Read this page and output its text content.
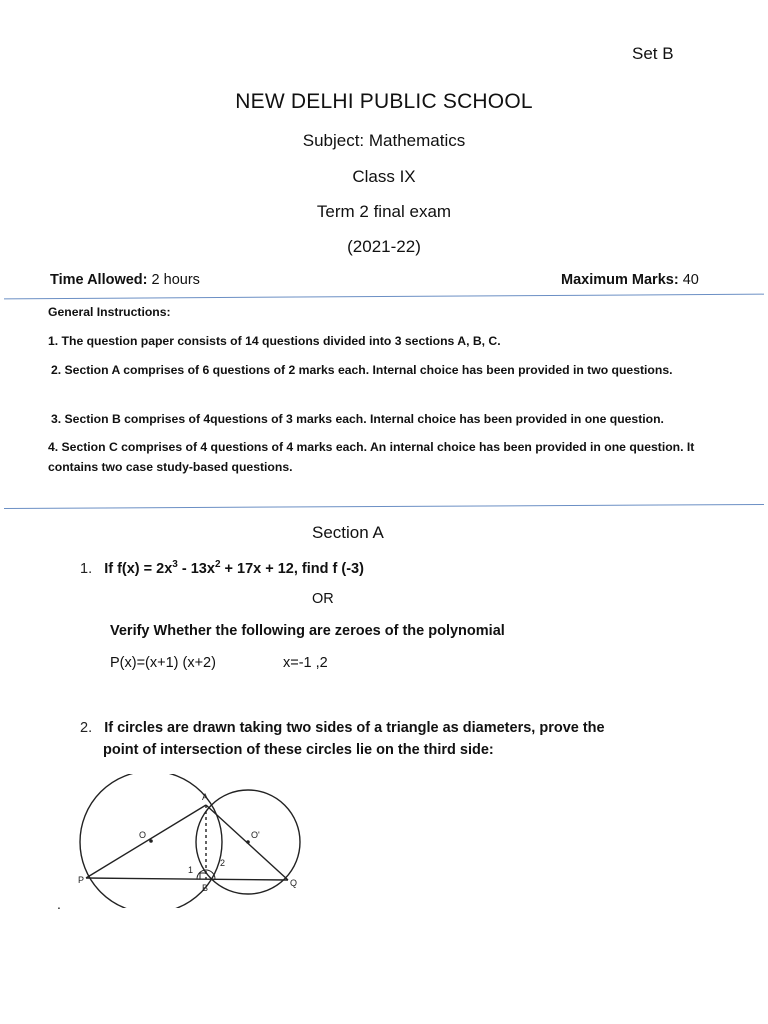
Set B
NEW DELHI PUBLIC SCHOOL
Subject: Mathematics
Class IX
Term 2 final exam
(2021-22)
Time Allowed: 2 hours	Maximum Marks: 40
General Instructions:
1. The question paper consists of 14 questions divided into 3 sections A, B, C.
2. Section A comprises of 6 questions of 2 marks each. Internal choice has been provided in two questions.
3. Section B comprises of 4questions of 3 marks each. Internal choice has been provided in one question.
4. Section C comprises of 4 questions of 4 marks each. An internal choice has been provided in one question. It contains two case study-based questions.
Section A
1. If $f(x) = 2x^3 - 13x^2 + 17x + 12$, find f (-3)
OR
Verify Whether the following are zeroes of the polynomial
P(x)=(x+1) (x+2)	x=-1 ,2
2. If circles are drawn taking two sides of a triangle as diameters, prove the
point of intersection of these circles lie on the third side:
A
B
P	Q
O	O'
1
2
.
